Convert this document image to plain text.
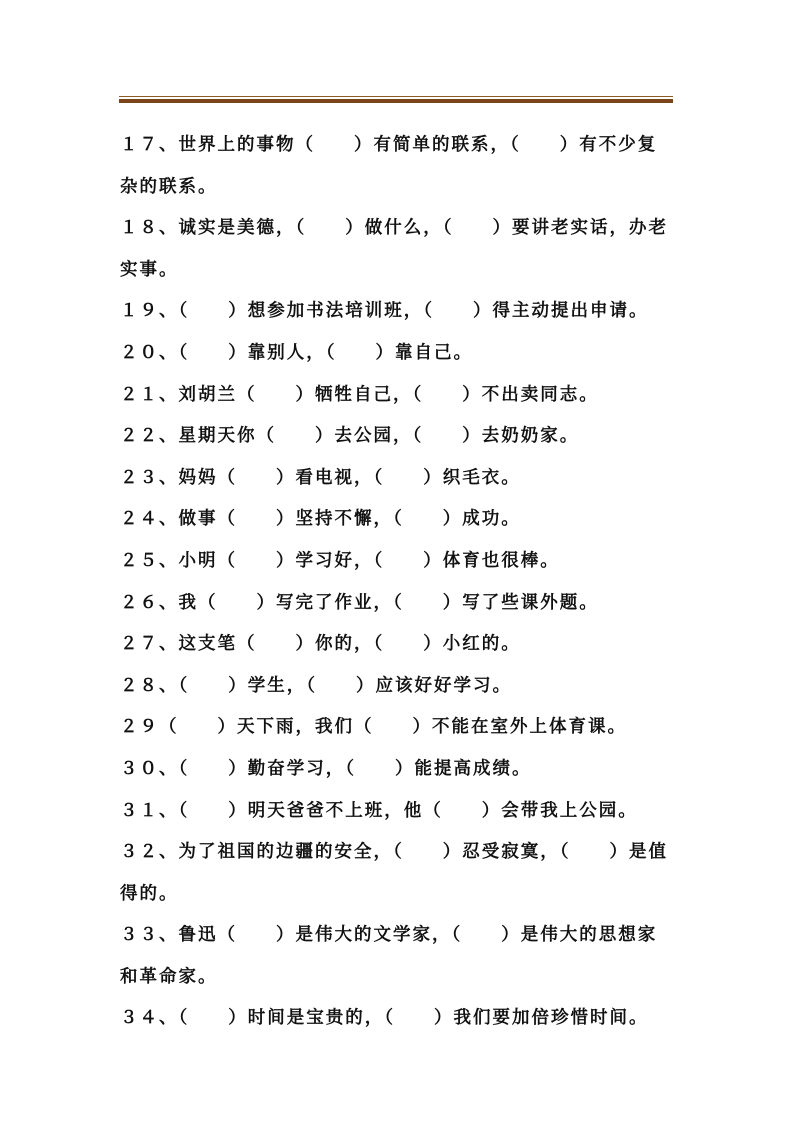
１７、世界上的事物（　　）有简单的联系，（　　）有不少复杂的联系。

１８、诚实是美德，（　　）做什么，（　　）要讲老实话，办老实事。

１９、（　　）想参加书法培训班，（　　）得主动提出申请。

２０、（　　）靠别人，（　　）靠自己。

２１、刘胡兰（　　）牺牲自己，（　　）不出卖同志。

２２、星期天你（　　）去公园，（　　）去奶奶家。

２３、妈妈（　　）看电视，（　　）织毛衣。

２４、做事（　　）坚持不懈，（　　）成功。

２５、小明（　　）学习好，（　　）体育也很棒。

２６、我（　　）写完了作业，（　　）写了些课外题。

２７、这支笔（　　）你的，（　　）小红的。

２８、（　　）学生，（　　）应该好好学习。

２９（　　）天下雨，我们（　　）不能在室外上体育课。

３０、（　　）勤奋学习，（　　）能提高成绩。

３１、（　　）明天爸爸不上班，他（　　）会带我上公园。

３２、为了祖国的边疆的安全，（　　）忍受寂寞，（　　）是值得的。

３３、鲁迅（　　）是伟大的文学家，（　　）是伟大的思想家和革命家。

３４、（　　）时间是宝贵的，（　　）我们要加倍珍惜时间。
